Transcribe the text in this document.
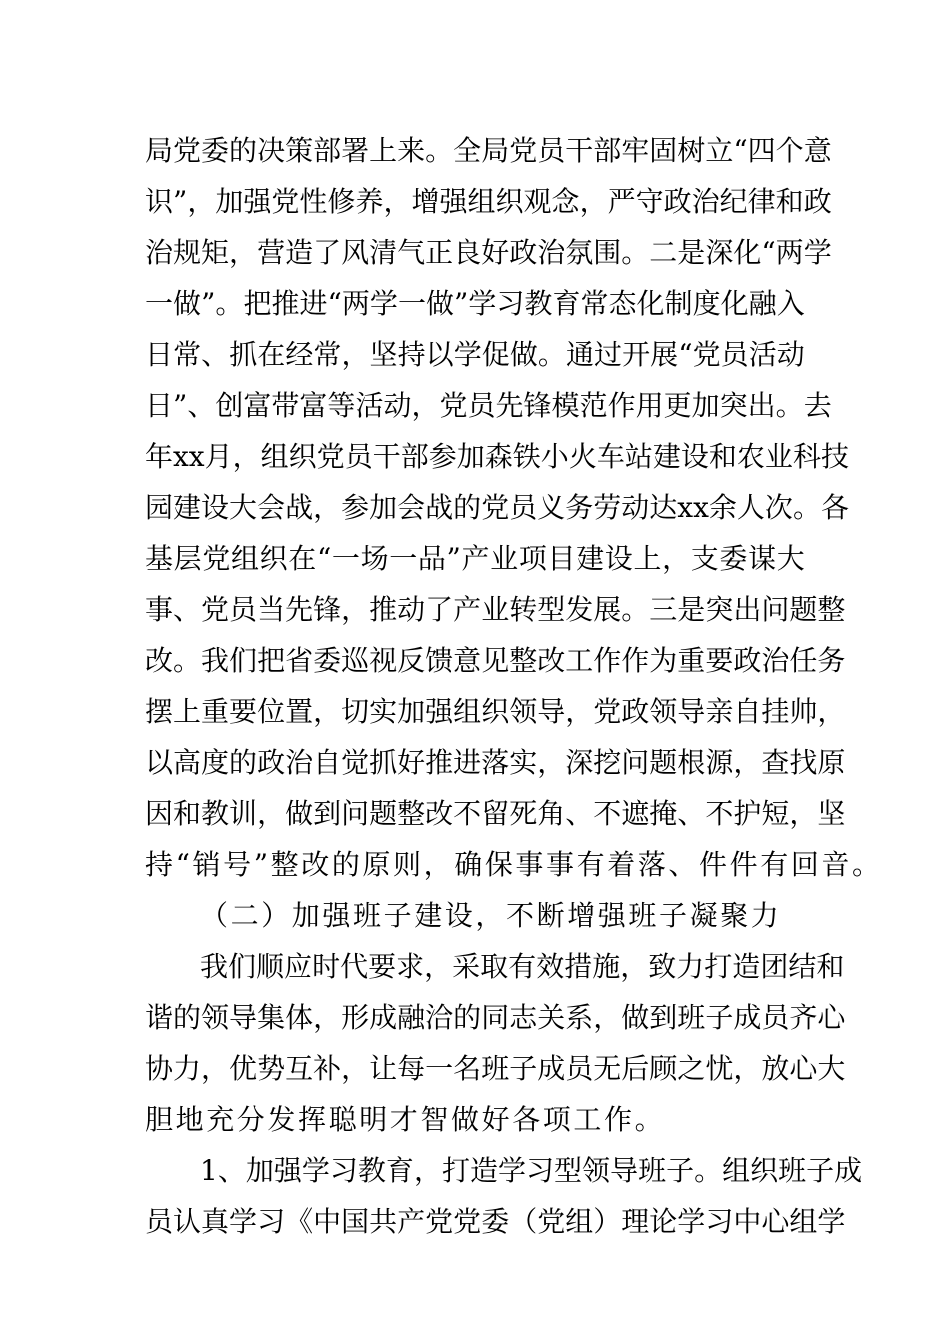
局 党 委 的 决 策 部 署 上 来 。 全 局 党 员 干 部 牢 固 树 立 “ 四 个 意
识 ” ， 加 强 党 性 修 养 ， 增 强 组 织 观 念 ， 严 守 政 治 纪 律 和 政
治 规 矩 ， 营 造 了 风 清 气 正 良 好 政 治 氛 围 。 二 是 深 化 “ 两 学
一 做 ” 。 把 推 进 “ 两 学 一 做 ” 学 习 教 育 常 态 化 制 度 化 融 入
日 常 、 抓 在 经 常 ， 坚 持 以 学 促 做 。 通 过 开 展 “ 党 员 活 动
日 ” 、 创 富 带 富 等 活 动 ， 党 员 先 锋 模 范 作 用 更 加 突 出 。 去
年 xx 月 ， 组 织 党 员 干 部 参 加 森 铁 小 火 车 站 建 设 和 农 业 科 技
园 建 设 大 会 战 ， 参 加 会 战 的 党 员 义 务 劳 动 达 xx 余 人 次 。 各
基 层 党 组 织 在 “ 一 场 一 品 ” 产 业 项 目 建 设 上 ， 支 委 谋 大
事 、 党 员 当 先 锋 ， 推 动 了 产 业 转 型 发 展 。 三 是 突 出 问 题 整
改 。 我 们 把 省 委 巡 视 反 馈 意 见 整 改 工 作 作 为 重 要 政 治 任 务
摆 上 重 要 位 置 ， 切 实 加 强 组 织 领 导 ， 党 政 领 导 亲 自 挂 帅 ，
以 高 度 的 政 治 自 觉 抓 好 推 进 落 实 ， 深 挖 问 题 根 源 ， 查 找 原
因 和 教 训 ， 做 到 问 题 整 改 不 留 死 角 、 不 遮 掩 、 不 护 短 ， 坚
持“销号”整改的原则，确保事事有着落、件件有回音。
（二）加强班子建设，不断增强班子凝聚力
我 们 顺 应 时 代 要 求 ， 采 取 有 效 措 施 ， 致 力 打 造 团 结 和
谐 的 领 导 集 体 ， 形 成 融 洽 的 同 志 关 系 ， 做 到 班 子 成 员 齐 心
协 力 ， 优 势 互 补 ， 让 每 一 名 班 子 成 员 无 后 顾 之 忧 ， 放 心 大
胆地充分发挥聪明才智做好各项工作。
1 、 加 强 学 习 教 育 ， 打 造 学 习 型 领 导 班 子 。 组 织 班 子 成
员 认 真 学 习 《 中 国 共 产 党 党 委 （ 党 组 ） 理 论 学 习 中 心 组 学
